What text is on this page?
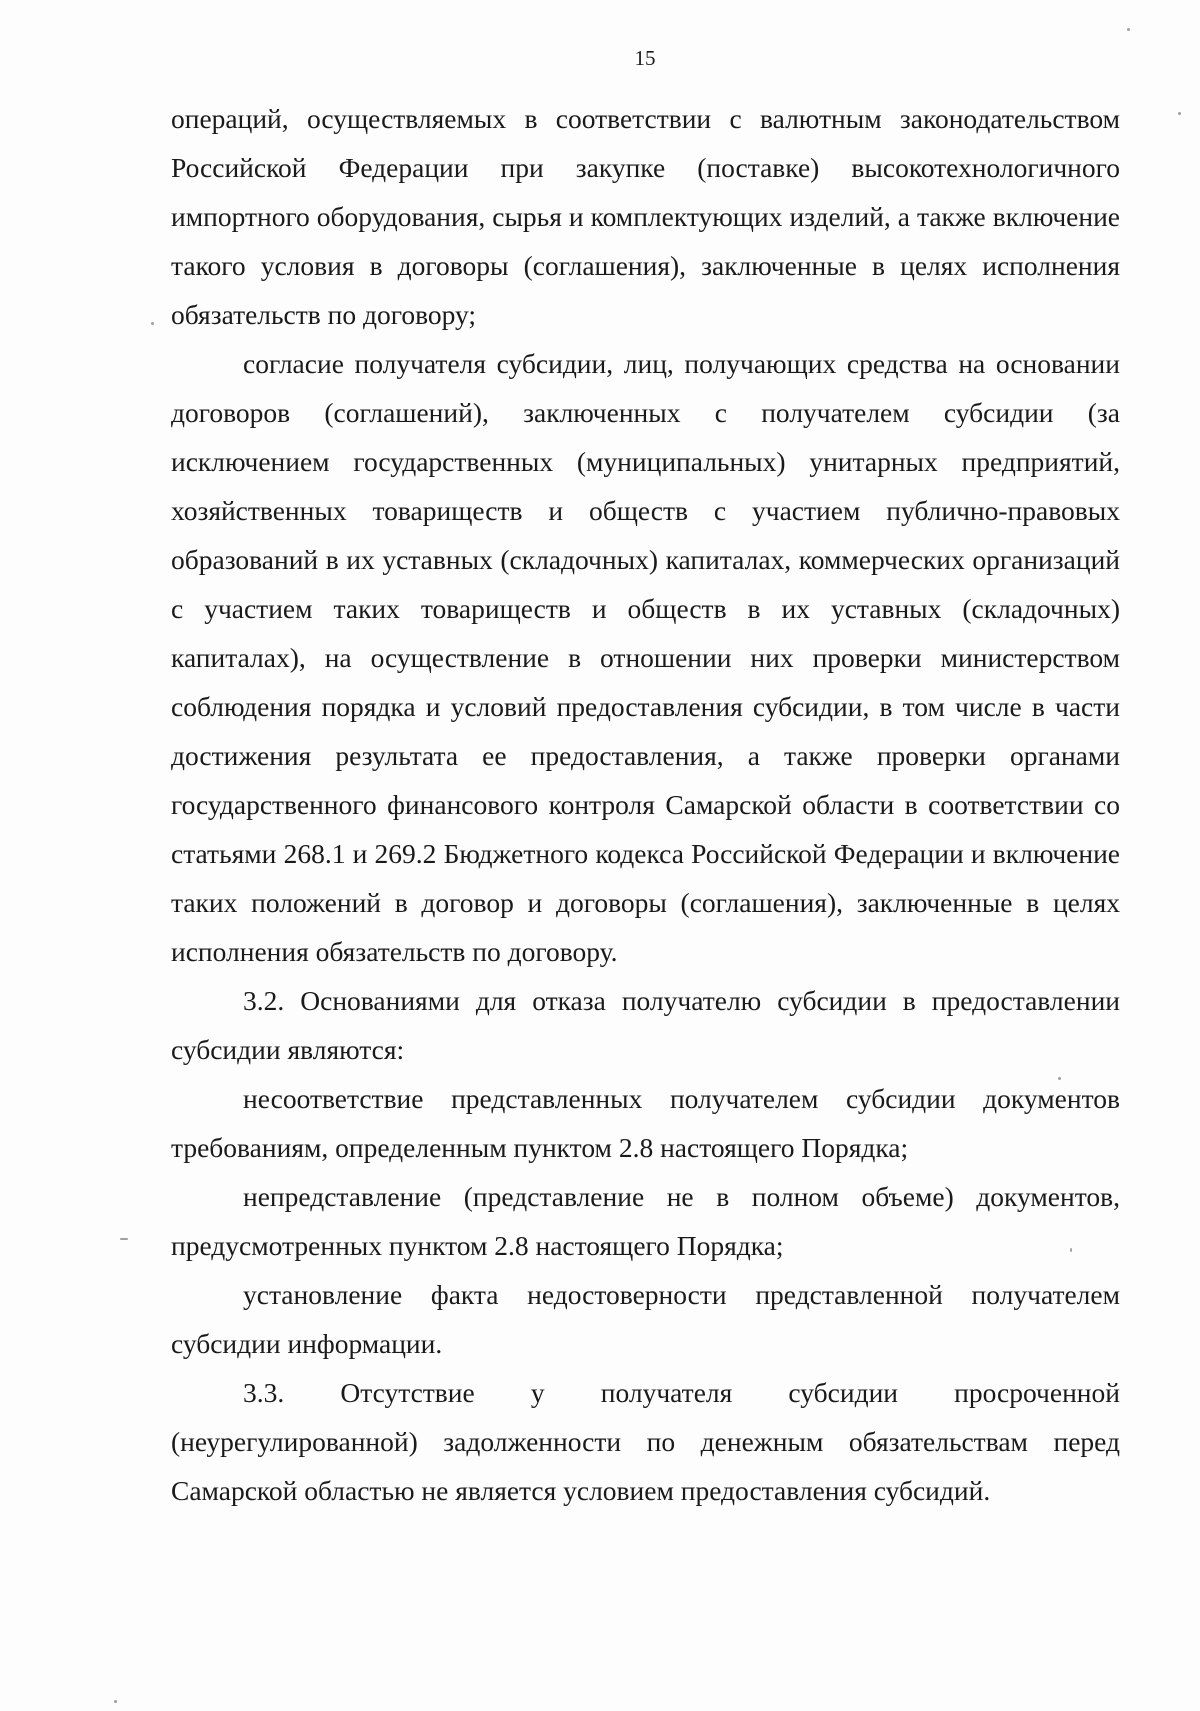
15

операций, осуществляемых в соответствии с валютным законодательством Российской Федерации при закупке (поставке) высокотехнологичного импортного оборудования, сырья и комплектующих изделий, а также включение такого условия в договоры (соглашения), заключенные в целях исполнения обязательств по договору;

согласие получателя субсидии, лиц, получающих средства на основании договоров (соглашений), заключенных с получателем субсидии (за исключением государственных (муниципальных) унитарных предприятий, хозяйственных товариществ и обществ с участием публично-правовых образований в их уставных (складочных) капиталах, коммерческих организаций с участием таких товариществ и обществ в их уставных (складочных) капиталах), на осуществление в отношении них проверки министерством соблюдения порядка и условий предоставления субсидии, в том числе в части достижения результата ее предоставления, а также проверки органами государственного финансового контроля Самарской области в соответствии со статьями 268.1 и 269.2 Бюджетного кодекса Российской Федерации и включение таких положений в договор и договоры (соглашения), заключенные в целях исполнения обязательств по договору.

3.2. Основаниями для отказа получателю субсидии в предоставлении субсидии являются:

несоответствие представленных получателем субсидии документов требованиям, определенным пунктом 2.8 настоящего Порядка;

непредставление (представление не в полном объеме) документов, предусмотренных пунктом 2.8 настоящего Порядка;

установление факта недостоверности представленной получателем субсидии информации.

3.3. Отсутствие у получателя субсидии просроченной (неурегулированной) задолженности по денежным обязательствам перед Самарской областью не является условием предоставления субсидий.
